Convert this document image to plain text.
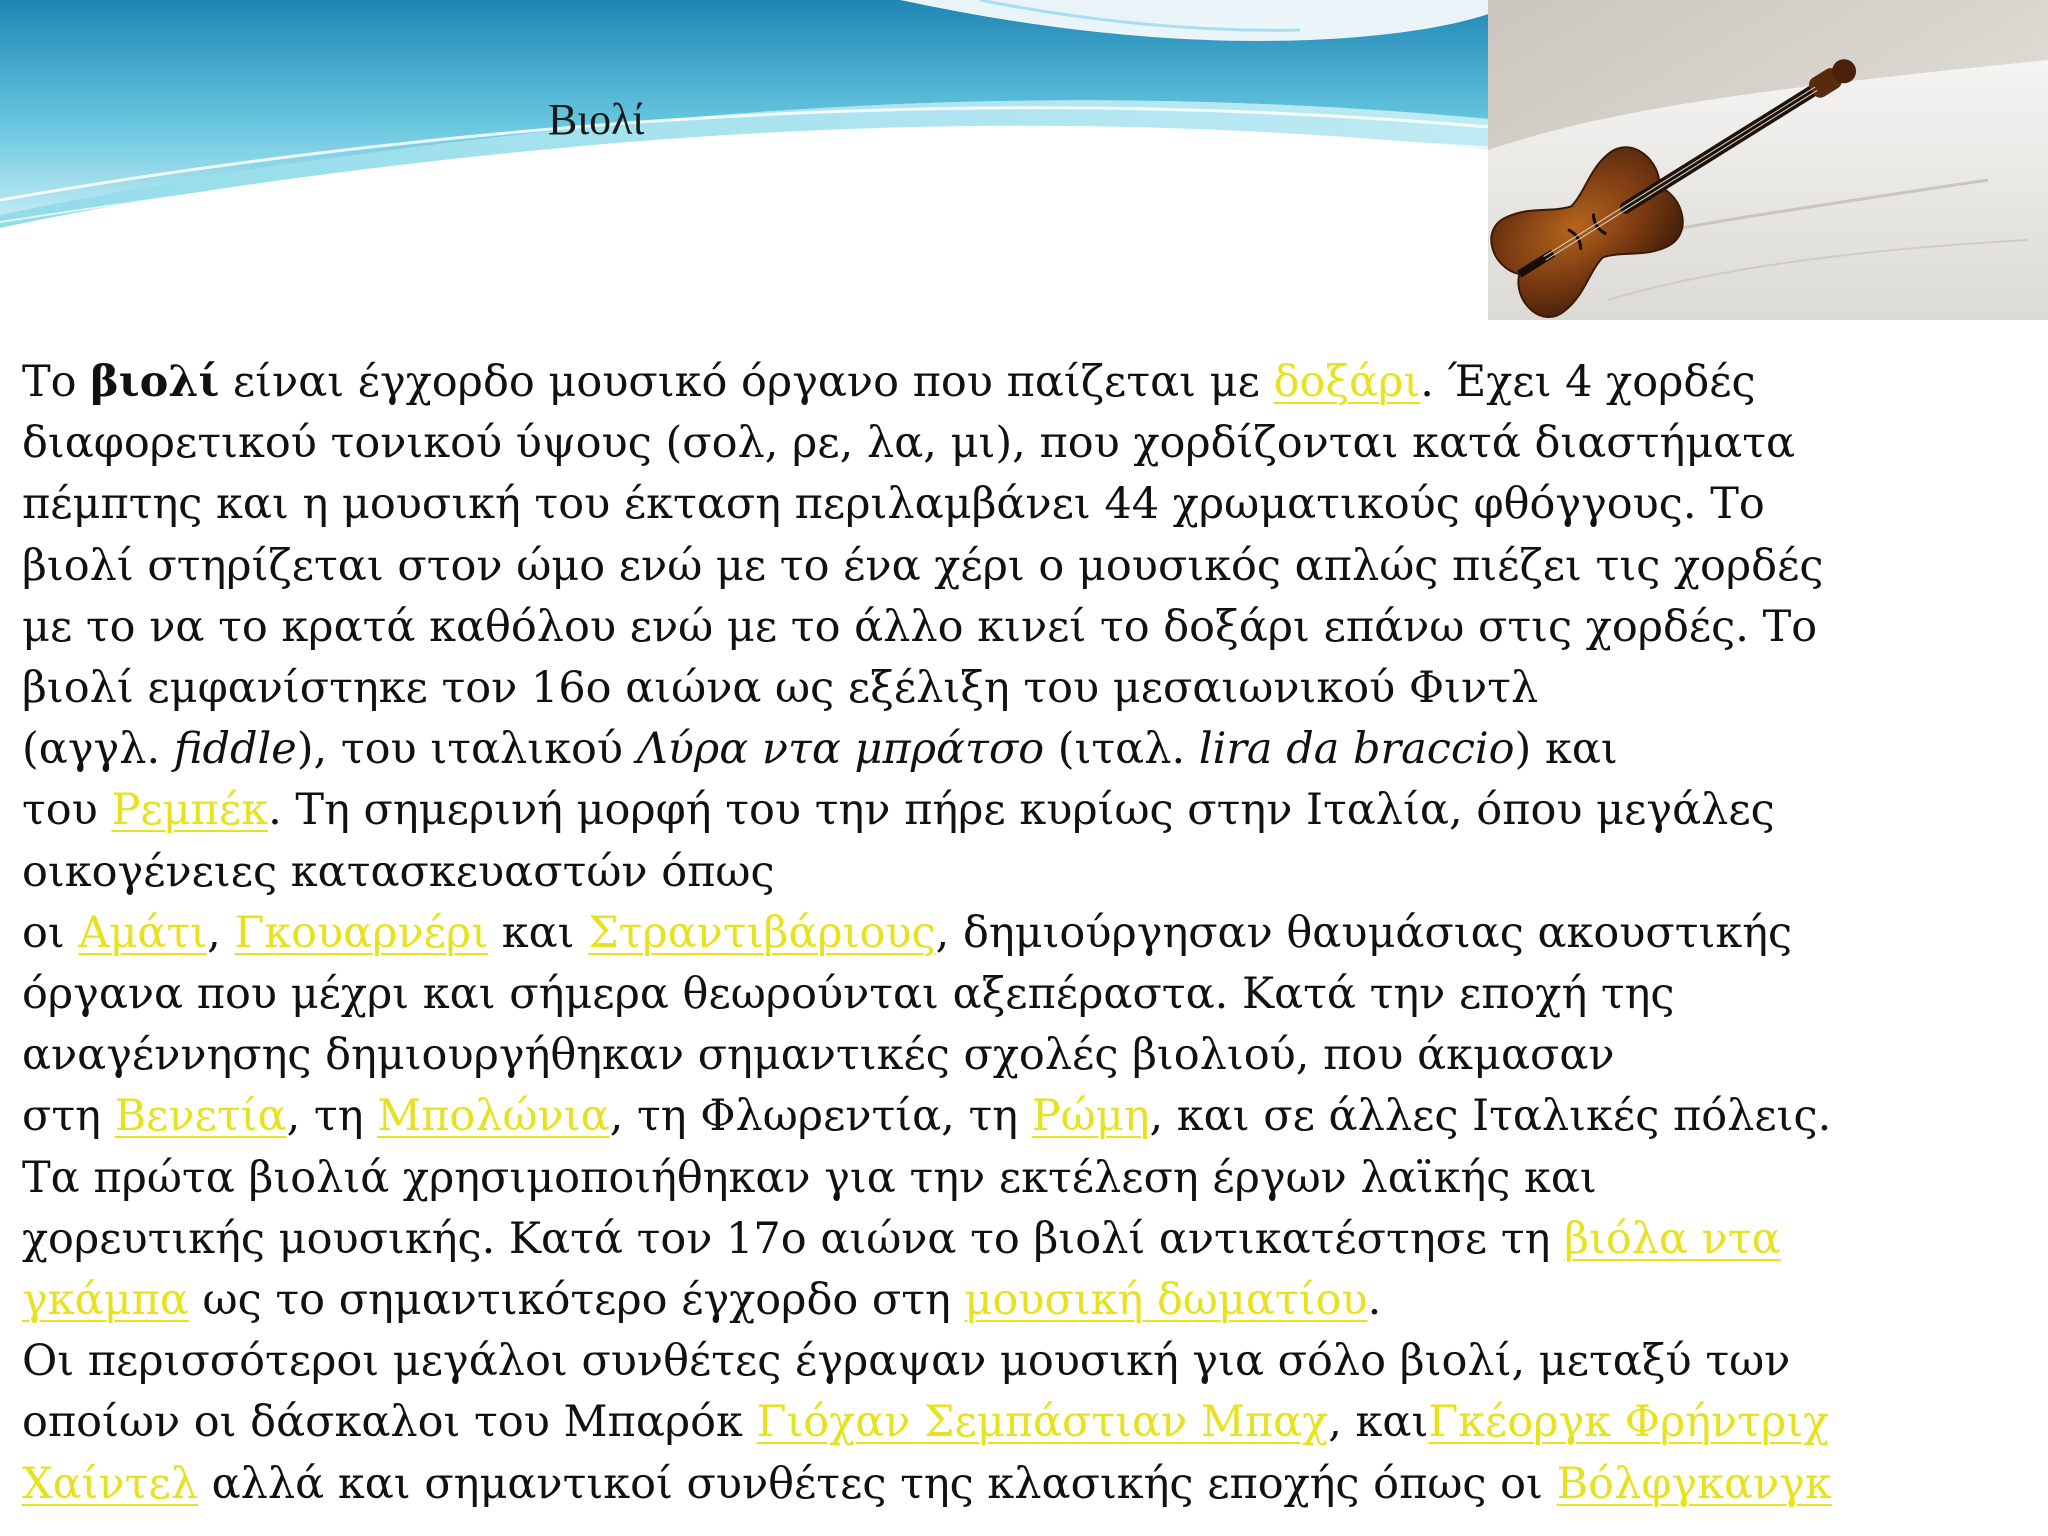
Βιολί
Το βιολί είναι έγχορδο μουσικό όργανο που παίζεται με δοξάρι. Έχει 4 χορδές
διαφορετικού τονικού ύψους (σολ, ρε, λα, μι), που χορδίζονται κατά διαστήματα
πέμπτης και η μουσική του έκταση περιλαμβάνει 44 χρωματικούς φθόγγους. Το
βιολί στηρίζεται στον ώμο ενώ με το ένα χέρι ο μουσικός απλώς πιέζει τις χορδές
με το να το κρατά καθόλου ενώ με το άλλο κινεί το δοξάρι επάνω στις χορδές. Το
βιολί εμφανίστηκε τον 16ο αιώνα ως εξέλιξη του μεσαιωνικού Φιντλ
(αγγλ. fiddle), του ιταλικού Λύρα ντα μπράτσο (ιταλ. lira da braccio) και
του Ρεμπέκ. Τη σημερινή μορφή του την πήρε κυρίως στην Ιταλία, όπου μεγάλες
οικογένειες κατασκευαστών όπως
οι Αμάτι, Γκουαρνέρι και Στραντιβάριους, δημιούργησαν θαυμάσιας ακουστικής
όργανα που μέχρι και σήμερα θεωρούνται αξεπέραστα. Κατά την εποχή της
αναγέννησης δημιουργήθηκαν σημαντικές σχολές βιολιού, που άκμασαν
στη Βενετία, τη Μπολώνια, τη Φλωρεντία, τη Ρώμη, και σε άλλες Ιταλικές πόλεις.
Τα πρώτα βιολιά χρησιμοποιήθηκαν για την εκτέλεση έργων λαϊκής και
χορευτικής μουσικής. Κατά τον 17ο αιώνα το βιολί αντικατέστησε τη βιόλα ντα
γκάμπα ως το σημαντικότερο έγχορδο στη μουσική δωματίου.
Οι περισσότεροι μεγάλοι συνθέτες έγραψαν μουσική για σόλο βιολί, μεταξύ των
οποίων οι δάσκαλοι του Μπαρόκ Γιόχαν Σεμπάστιαν Μπαχ, καιΓκέοργκ Φρήντριχ
Χαίντελ αλλά και σημαντικοί συνθέτες της κλασικής εποχής όπως οι Βόλφγκανγκ
